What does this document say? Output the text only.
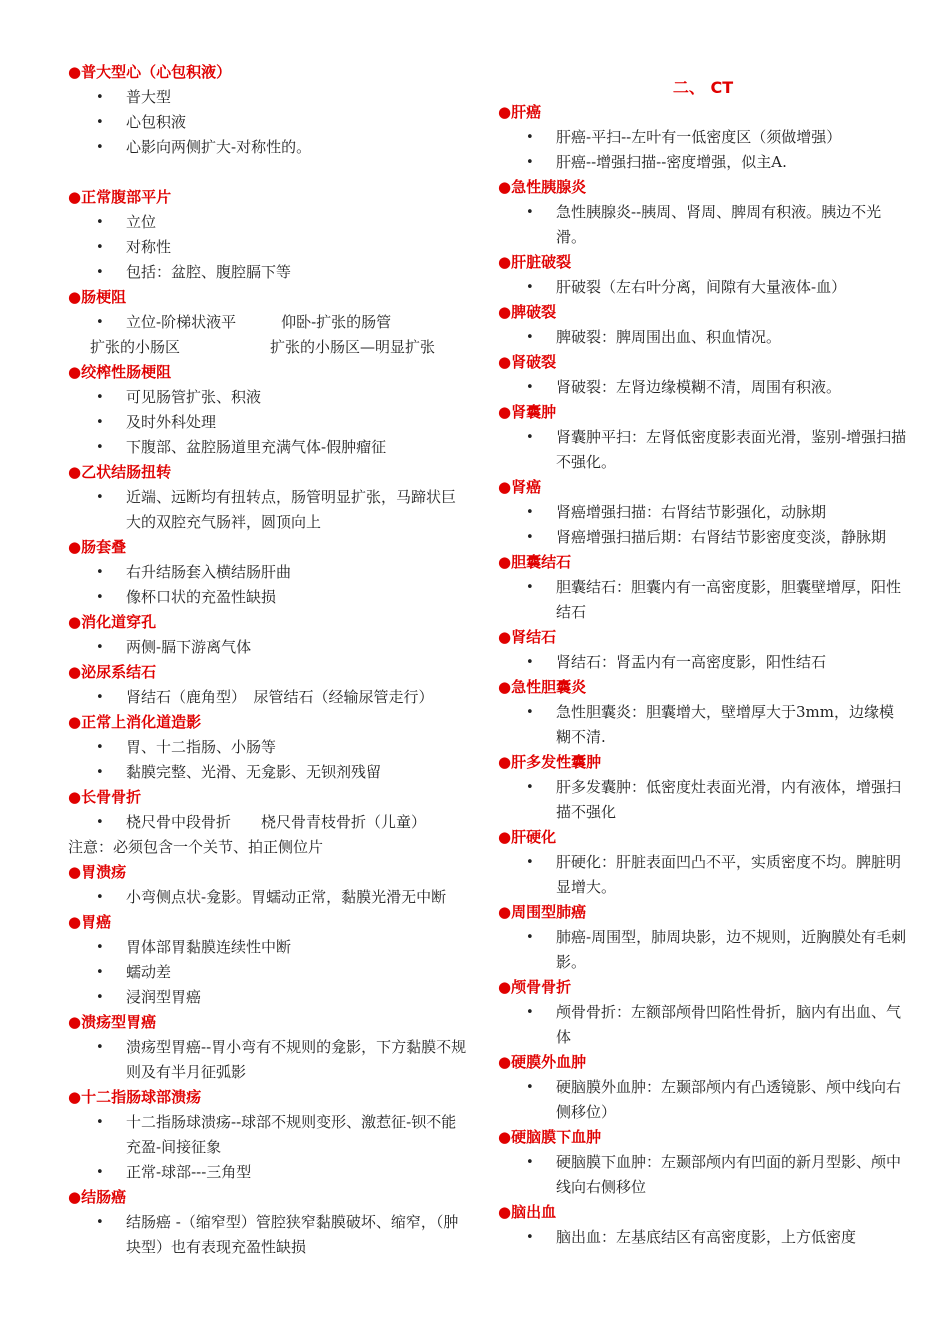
●普大型心（心包积液）
• 普大型
• 心包积液
• 心影向两侧扩大-对称性的。
●正常腹部平片
• 立位
• 对称性
• 包括：盆腔、腹腔膈下等
●肠梗阻
• 立位-阶梯状液平　　　仰卧-扩张的肠管
扩张的小肠区　　　　　　扩张的小肠区—明显扩张
●绞榨性肠梗阻
• 可见肠管扩张、积液
• 及时外科处理
• 下腹部、盆腔肠道里充满气体-假肿瘤征
●乙状结肠扭转
• 近端、远断均有扭转点，肠管明显扩张，马蹄状巨大的双腔充气肠袢，圆顶向上
●肠套叠
• 右升结肠套入横结肠肝曲
• 像杯口状的充盈性缺损
●消化道穿孔
• 两侧-膈下游离气体
●泌尿系结石
• 肾结石（鹿角型）　尿管结石（经输尿管走行）
●正常上消化道造影
• 胃、十二指肠、小肠等
• 黏膜完整、光滑、无龛影、无钡剂残留
●长骨骨折
• 桡尺骨中段骨折　　桡尺骨青枝骨折（儿童）
注意：必须包含一个关节、拍正侧位片
●胃溃疡
• 小弯侧点状-龛影。胃蠕动正常，黏膜光滑无中断
●胃癌
• 胃体部胃黏膜连续性中断
• 蠕动差
• 浸润型胃癌
●溃疡型胃癌
• 溃疡型胃癌--胃小弯有不规则的龛影，下方黏膜不规则及有半月征弧影
●十二指肠球部溃疡
• 十二指肠球溃疡--球部不规则变形、激惹征-钡不能充盈-间接征象
• 正常-球部---三角型
●结肠癌
• 结肠癌 -（缩窄型）管腔狭窄黏膜破坏、缩窄，（肿块型）也有表现充盈性缺损
二、 CT
●肝癌
• 肝癌-平扫--左叶有一低密度区（须做增强）
• 肝癌--增强扫描--密度增强，似主A.
●急性胰腺炎
• 急性胰腺炎--胰周、肾周、脾周有积液。胰边不光滑。
●肝脏破裂
• 肝破裂（左右叶分离，间隙有大量液体-血）
●脾破裂
• 脾破裂：脾周围出血、积血情况。
●肾破裂
• 肾破裂：左肾边缘模糊不清，周围有积液。
●肾囊肿
• 肾囊肿平扫：左肾低密度影表面光滑，鉴别-增强扫描不强化。
●肾癌
• 肾癌增强扫描：右肾结节影强化，动脉期
• 肾癌增强扫描后期：右肾结节影密度变淡，静脉期
●胆囊结石
• 胆囊结石：胆囊内有一高密度影，胆囊壁增厚，阳性结石
●肾结石
• 肾结石：肾盂内有一高密度影，阳性结石
●急性胆囊炎
• 急性胆囊炎：胆囊增大，壁增厚大于3mm，边缘模糊不清.
●肝多发性囊肿
• 肝多发囊肿：低密度灶表面光滑，内有液体，增强扫描不强化
●肝硬化
• 肝硬化：肝脏表面凹凸不平，实质密度不均。脾脏明显增大。
●周围型肺癌
• 肺癌-周围型，肺周块影，边不规则，近胸膜处有毛刺影。
●颅骨骨折
• 颅骨骨折：左额部颅骨凹陷性骨折，脑内有出血、气体
●硬膜外血肿
• 硬脑膜外血肿：左颞部颅内有凸透镜影、颅中线向右侧移位）
●硬脑膜下血肿
• 硬脑膜下血肿：左颞部颅内有凹面的新月型影、颅中线向右侧移位
●脑出血
• 脑出血：左基底结区有高密度影，上方低密度
